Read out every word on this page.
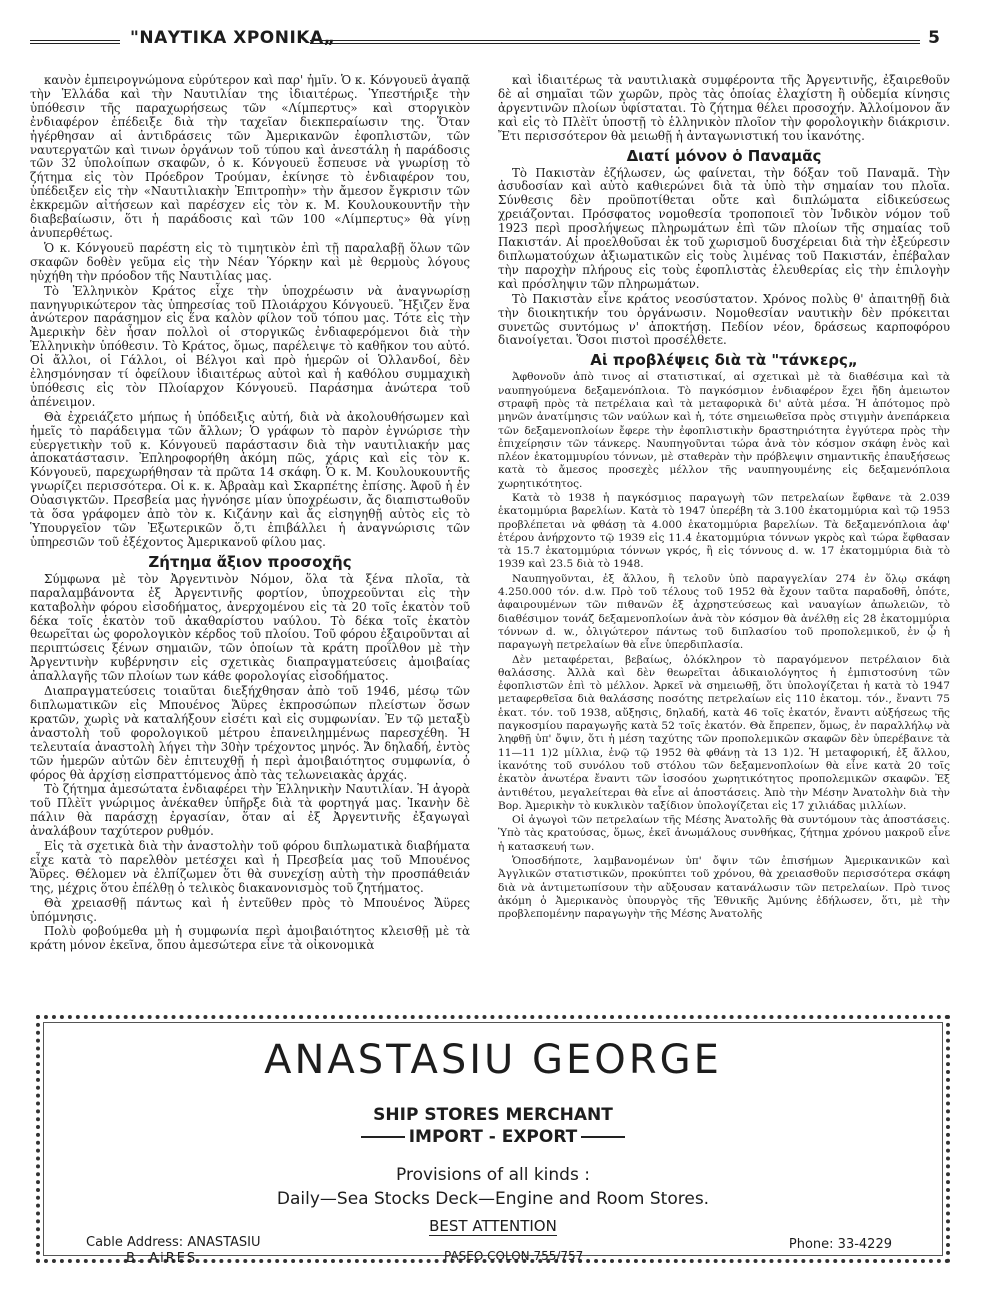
"ΝΑΥΤΙΚΑ ΧΡΟΝΙΚΑ„	5

κανὸν ἐμπειρογνώμονα εὐρύτερον καὶ παρ' ἡμῖν. Ὁ κ. Κόνγουεϋ ἀγαπᾷ τὴν Ἑλλάδα καὶ τὴν Ναυτιλίαν της ἰδιαιτέρως. Ὑπεστήριξε τὴν ὑπόθεσιν τῆς παραχωρήσεως τῶν «Λίμπερτυς» καὶ στοργικὸν ἐνδιαφέρον ἐπέδειξε διὰ τὴν ταχεῖαν διεκπεραίωσιν της. Ὅταν ἠγέρθησαν αἱ ἀντιδράσεις τῶν Ἀμερικανῶν ἐφοπλιστῶν, τῶν ναυτεργατῶν καὶ τινων ὀργάνων τοῦ τύπου καὶ ἀνεστάλη ἡ παράδοσις τῶν 32 ὑπολοίπων σκαφῶν, ὁ κ. Κόνγουεϋ ἔσπευσε νὰ γνωρίσῃ τὸ ζήτημα εἰς τὸν Πρόεδρον Τρούμαν, ἐκίνησε τὸ ἐνδιαφέρον του, ὑπέδειξεν εἰς τὴν «Ναυτιλιακὴν Ἐπιτροπὴν» τὴν ἄμεσον ἔγκρισιν τῶν ἐκκρεμῶν αἰτήσεων καὶ παρέσχεν εἰς τὸν κ. Μ. Κουλουκουντῆν τὴν διαβεβαίωσιν, ὅτι ἡ παράδοσις καὶ τῶν 100 «Λίμπερτυς» θὰ γίνῃ ἀνυπερθέτως.

Ὁ κ. Κόνγουεϋ παρέστη εἰς τὸ τιμητικὸν ἐπὶ τῇ παραλαβῇ ὅλων τῶν σκαφῶν δοθὲν γεῦμα εἰς τὴν Νέαν Ὑόρκην καὶ μὲ θερμοὺς λόγους ηὐχήθη τὴν πρόοδον τῆς Ναυτιλίας μας.

Τὸ Ἑλληνικὸν Κράτος εἶχε τὴν ὑποχρέωσιν νὰ ἀναγνωρίσῃ πανηγυρικώτερον τὰς ὑπηρεσίας τοῦ Πλοιάρχου Κόνγουεϋ. Ἤξιζεν ἕνα ἀνώτερον παράσημον εἰς ἕνα καλὸν φίλον τοῦ τόπου μας. Τότε εἰς τὴν Ἀμερικὴν δὲν ἦσαν πολλοὶ οἱ στοργικῶς ἐνδιαφερόμενοι διὰ τὴν Ἑλληνικὴν ὑπόθεσιν. Τὸ Κράτος, ὅμως, παρέλειψε τὸ καθῆκον του αὐτό. Οἱ ἄλλοι, οἱ Γάλλοι, οἱ Βέλγοι καὶ πρὸ ἡμερῶν οἱ Ὁλλανδοί, δὲν ἐλησμόνησαν τί ὀφείλουν ἰδιαιτέρως αὐτοὶ καὶ ἡ καθόλου συμμαχικὴ ὑπόθεσις εἰς τὸν Πλοίαρχον Κόνγουεϋ. Παράσημα ἀνώτερα τοῦ ἀπένειμον.

Θὰ ἐχρειάζετο μήπως ἡ ὑπόδειξις αὐτή, διὰ νὰ ἀκολουθήσωμεν καὶ ἡμεῖς τὸ παράδειγμα τῶν ἄλλων; Ὁ γράφων τὸ παρὸν ἐγνώρισε τὴν εὐεργετικὴν τοῦ κ. Κόνγουεϋ παράστασιν διὰ τὴν ναυτιλιακήν μας ἀποκατάστασιν. Ἐπληροφορήθη ἀκόμη πῶς, χάρις καὶ εἰς τὸν κ. Κόνγουεϋ, παρεχωρήθησαν τὰ πρῶτα 14 σκάφη. Ὁ κ. Μ. Κουλουκουντῆς γνωρίζει περισσότερα. Οἱ κ. κ. Ἀβραὰμ καὶ Σκαρπέτης ἐπίσης. Ἀφοῦ ἡ ἐν Οὐασιγκτῶν. Πρεσβεία μας ἠγνόησε μίαν ὑποχρέωσιν, ἄς διαπιστωθοῦν τὰ ὅσα γράφομεν ἀπὸ τὸν κ. Κιζάνην καὶ ἄς εἰσηγηθῇ αὐτὸς εἰς τὸ Ὑπουργεῖον τῶν Ἐξωτερικῶν ὅ,τι ἐπιβάλλει ἡ ἀναγνώρισις τῶν ὑπηρεσιῶν τοῦ ἐξέχοντος Ἀμερικανοῦ φίλου μας.

Ζήτημα ἄξιον προσοχῆς

Σύμφωνα μὲ τὸν Ἀργεντινὸν Νόμον, ὅλα τὰ ξένα πλοῖα, τὰ παραλαμβάνοντα ἐξ Ἀργεντινῆς φορτίον, ὑποχρεοῦνται εἰς τὴν καταβολὴν φόρου εἰσοδήματος, ἀνερχομένου εἰς τὰ 20 τοῖς ἑκατὸν τοῦ δέκα τοῖς ἑκατὸν τοῦ ἀκαθαρίστου ναύλου. Τὸ δέκα τοῖς ἑκατὸν θεωρεῖται ὡς φορολογικὸν κέρδος τοῦ πλοίου. Τοῦ φόρου ἐξαιροῦνται αἱ περιπτώσεις ξένων σημαιῶν, τῶν ὁποίων τὰ κράτη προΐλθον μὲ τὴν Ἀργεντινὴν κυβέρνησιν εἰς σχετικὰς διαπραγματεύσεις ἀμοιβαίας ἀπαλλαγῆς τῶν πλοίων των κάθε φορολογίας εἰσοδήματος.

Διαπραγματεύσεις τοιαῦται διεξήχθησαν ἀπὸ τοῦ 1946, μέσῳ τῶν διπλωματικῶν εἰς Μπουένος Ἄϋρες ἐκπροσώπων πλείστων ὅσων κρατῶν, χωρὶς νὰ καταλήξουν εἰσέτι καὶ εἰς συμφωνίαν. Ἐν τῷ μεταξὺ ἀναστολὴ τοῦ φορολογικοῦ μέτρου ἐπανειλημμένως παρεσχέθη. Ἡ τελευταία ἀναστολὴ λήγει τὴν 30ὴν τρέχοντος μηνός. Ἄν δηλαδή, ἐντὸς τῶν ἡμερῶν αὐτῶν δὲν ἐπιτευχθῇ ἡ περὶ ἀμοιβαιότητος συμφωνία, ὁ φόρος θὰ ἀρχίσῃ εἰσπραττόμενος ἀπὸ τὰς τελωνειακὰς ἀρχάς.

Τὸ ζήτημα ἀμεσώτατα ἐνδιαφέρει τὴν Ἑλληνικὴν Ναυτιλίαν. Ἡ ἀγορὰ τοῦ Πλὲϊτ γνώριμος ἀνέκαθεν ὑπῆρξε διὰ τὰ φορτηγά μας. Ἱκανὴν δὲ πάλιν θὰ παράσχῃ ἐργασίαν, ὅταν αἱ ἐξ Ἀργεντινῆς ἐξαγωγαὶ ἀναλάβουν ταχύτερον ρυθμόν.

Εἰς τὰ σχετικὰ διὰ τὴν ἀναστολὴν τοῦ φόρου διπλωματικὰ διαβήματα εἶχε κατὰ τὸ παρελθὸν μετέσχει καὶ ἡ Πρεσβεία μας τοῦ Μπουένος Ἄϋρες. Θέλομεν νὰ ἐλπίζωμεν ὅτι θὰ συνεχίσῃ αὐτὴ τὴν προσπάθειάν της, μέχρις ὅτου ἐπέλθῃ ὁ τελικὸς διακανονισμὸς τοῦ ζητήματος.

Θὰ χρειασθῇ πάντως καὶ ἡ ἐντεῦθεν πρὸς τὸ Μπουένος Ἄϋρες ὑπόμνησις.

Πολὺ φοβούμεθα μὴ ἡ συμφωνία περὶ ἀμοιβαιότητος κλεισθῇ μὲ τὰ κράτη μόνον ἐκεῖνα, ὅπου ἀμεσώτερα εἶνε τὰ οἰκονομικὰ

καὶ ἰδιαιτέρως τὰ ναυτιλιακὰ συμφέροντα τῆς Ἀργεντινῆς, ἐξαιρεθοῦν δὲ αἱ σημαῖαι τῶν χωρῶν, πρὸς τὰς ὁποίας ἐλαχίστη ἢ οὐδεμία κίνησις ἀργεντινῶν πλοίων ὑφίσταται. Τὸ ζήτημα θέλει προσοχήν. Ἀλλοίμονον ἄν καὶ εἰς τὸ Πλὲϊτ ὑποστῇ τὸ ἑλληνικὸν πλοῖον τὴν φορολογικὴν διάκρισιν. Ἔτι περισσότερον θὰ μειωθῇ ἡ ἀνταγωνιστική του ἱκανότης.

Διατί μόνον ὁ Παναμᾶς

Τὸ Πακιστὰν ἐζήλωσεν, ὡς φαίνεται, τὴν δόξαν τοῦ Παναμᾶ. Τὴν ἀσυδοσίαν καὶ αὐτὸ καθιερώνει διὰ τὰ ὑπὸ τὴν σημαίαν του πλοῖα. Σύνθεσις δὲν προϋποτίθεται οὔτε καὶ διπλώματα εἰδικεύσεως χρειάζονται. Πρόσφατος νομοθεσία τροποποιεῖ τὸν Ἰνδικὸν νόμον τοῦ 1923 περὶ προσλήψεως πληρωμάτων ἐπὶ τῶν πλοίων τῆς σημαίας τοῦ Πακιστάν. Αἱ προελθοῦσαι ἐκ τοῦ χωρισμοῦ δυσχέρειαι διὰ τὴν ἐξεύρεσιν διπλωματούχων ἀξιωματικῶν εἰς τοὺς λιμένας τοῦ Πακιστάν, ἐπέβαλαν τὴν παροχὴν πλήρους εἰς τοὺς ἐφοπλιστὰς ἐλευθερίας εἰς τὴν ἐπιλογὴν καὶ πρόσληψιν τῶν πληρωμάτων.

Τὸ Πακιστὰν εἶνε κράτος νεοσύστατον. Χρόνος πολὺς θ' ἀπαιτηθῇ διὰ τὴν διοικητικήν του ὀργάνωσιν. Νομοθεσίαν ναυτικὴν δὲν πρόκειται συνετῶς συντόμως ν' ἀποκτήσῃ. Πεδίον νέον, δράσεως καρποφόρου διανοίγεται. Ὅσοι πιστοὶ προσέλθετε.

Αἱ προβλέψεις διὰ τὰ "τάνκερς„

Ἀφθονοῦν ἀπὸ τινος αἱ στατιστικαί, αἱ σχετικαὶ μὲ τὰ διαθέσιμα καὶ τὰ ναυπηγούμενα δεξαμενόπλοια. Τὸ παγκόσμιον ἐνδιαφέρον ἔχει ἤδη ἀμειωτον στραφῆ πρὸς τὰ πετρέλαια καὶ τὰ μεταφορικὰ δι' αὐτὰ μέσα. Ἡ ἀπότομος πρὸ μηνῶν ἀνατίμησις τῶν ναύλων καὶ ἡ, τότε σημειωθεῖσα πρὸς στιγμὴν ἀνεπάρκεια τῶν δεξαμενοπλοίων ἔφερε τὴν ἐφοπλιστικὴν δραστηριότητα ἐγγύτερα πρὸς τὴν ἐπιχείρησιν τῶν τάνκερς. Ναυπηγοῦνται τώρα ἀνὰ τὸν κόσμον σκάφη ἑνὸς καὶ πλέον ἑκατομμυρίου τόννων, μὲ σταθερὰν τὴν πρόβλεψιν σημαντικῆς ἐπαυξήσεως κατὰ τὸ ἄμεσος προσεχὲς μέλλον τῆς ναυπηγουμένης εἰς δεξαμενόπλοια χωρητικότητος.

Κατὰ τὸ 1938 ἡ παγκόσμιος παραγωγὴ τῶν πετρελαίων ἔφθανε τὰ 2.039 ἑκατομμύρια βαρελίων. Κατὰ τὸ 1947 ὑπερέβη τὰ 3.100 ἑκατομμύρια καὶ τῷ 1953 προβλέπεται νὰ φθάσῃ τὰ 4.000 ἑκατομμύρια βαρελίων. Τὰ δεξαμενόπλοια ἀφ' ἑτέρου ἀνήρχοντο τῷ 1939 εἰς 11.4 ἑκατομμύρια τόννων γκρὸς καὶ τώρα ἔφθασαν τὰ 15.7 ἑκατομμύρια τόννων γκρός, ἢ εἰς τόννους d. w. 17 ἑκατομμύρια διὰ τὸ 1939 καὶ 23.5 διὰ τὸ 1948.

Ναυπηγοῦνται, ἐξ ἄλλου, ἢ τελοῦν ὑπὸ παραγγελίαν 274 ἐν ὅλῳ σκάφη 4.250.000 τόν. d.w. Πρὸ τοῦ τέλους τοῦ 1952 θὰ ἔχουν ταῦτα παραδοθῆ, ὁπότε, ἀφαιρουμένων τῶν πιθανῶν ἐξ ἀχρηστεύσεως καὶ ναυαγίων ἀπωλειῶν, τὸ διαθέσιμον τονάζ δεξαμενοπλοίων ἀνὰ τὸν κόσμον θὰ ἀνέλθῃ εἰς 28 ἑκατομμύρια τόννων d. w., ὀλιγώτερον πάντως τοῦ διπλασίου τοῦ προπολεμικοῦ, ἐν ᾧ ἡ παραγωγὴ πετρελαίων θὰ εἶνε ὑπερδιπλασία.

Δὲν μεταφέρεται, βεβαίως, ὁλόκληρον τὸ παραγόμενον πετρέλαιον διὰ θαλάσσης. Ἀλλὰ καὶ δὲν θεωρεῖται ἀδικαιολόγητος ἡ ἐμπιστοσύνη τῶν ἐφοπλιστῶν ἐπὶ τὸ μέλλον. Ἀρκεῖ νὰ σημειωθῇ, ὅτι ὑπολογίζεται ἡ κατὰ τὸ 1947 μεταφερθεῖσα διὰ θαλάσσης ποσότης πετρελαίων εἰς 110 ἑκατομ. τόν., ἔναντι 75 ἑκατ. τόν. τοῦ 1938, αὔξησις, δηλαδή, κατὰ 46 τοῖς ἑκατόν, ἔναντι αὐξήσεως τῆς παγκοσμίου παραγωγῆς κατὰ 52 τοῖς ἑκατόν. Θὰ ἔπρεπεν, ὅμως, ἐν παραλλήλῳ νὰ ληφθῇ ὑπ' ὄψιν, ὅτι ἡ μέση ταχύτης τῶν προπολεμικῶν σκαφῶν δὲν ὑπερέβαινε τὰ 11—11 1)2 μίλλια, ἐνῷ τῷ 1952 θὰ φθάνῃ τὰ 13 1)2. Ἡ μεταφορική, ἐξ ἄλλου, ἱκανότης τοῦ συνόλου τοῦ στόλου τῶν δεξαμενοπλοίων θὰ εἶνε κατὰ 20 τοῖς ἑκατὸν ἀνωτέρα ἔναντι τῶν ἰσοσόου χωρητικότητος προπολεμικῶν σκαφῶν. Ἐξ ἀντιθέτου, μεγαλείτεραι θὰ εἶνε αἱ ἀποστάσεις. Ἀπὸ τὴν Μέσην Ἀνατολὴν διὰ τὴν Βορ. Ἀμερικὴν τὸ κυκλικὸν ταξίδιον ὑπολογίζεται εἰς 17 χιλιάδας μιλλίων.

Οἱ ἀγωγοὶ τῶν πετρελαίων τῆς Μέσης Ἀνατολῆς θὰ συντόμουν τὰς ἀποστάσεις. Ὑπὸ τὰς κρατούσας, ὅμως, ἐκεῖ ἀνωμάλους συνθήκας, ζήτημα χρόνου μακροῦ εἶνε ἡ κατασκευή των.

Ὁποσδήποτε, λαμβανομένων ὑπ' ὄψιν τῶν ἐπισήμων Ἀμερικανικῶν καὶ Ἀγγλικῶν στατιστικῶν, προκύπτει τοῦ χρόνου, θὰ χρειασθοῦν περισσότερα σκάφη διὰ νὰ ἀντιμετωπίσουν τὴν αὔξουσαν κατανάλωσιν τῶν πετρελαίων. Πρὸ τινος ἀκόμη ὁ Ἀμερικανὸς ὑπουργὸς τῆς Ἐθνικῆς Ἀμύνης ἐδήλωσεν, ὅτι, μὲ τὴν προβλεπομένην παραγωγὴν τῆς Μέσης Ἀνατολῆς

ANASTASIU GEORGE
SHIP STORES MERCHANT
IMPORT - EXPORT
Provisions of all kinds :
Daily—Sea Stocks Deck—Engine and Room Stores.
BEST ATTENTION
Cable Address: ANASTASIU
B. AiRES	PASEO COLON 755/757
Phone: 33-4229
